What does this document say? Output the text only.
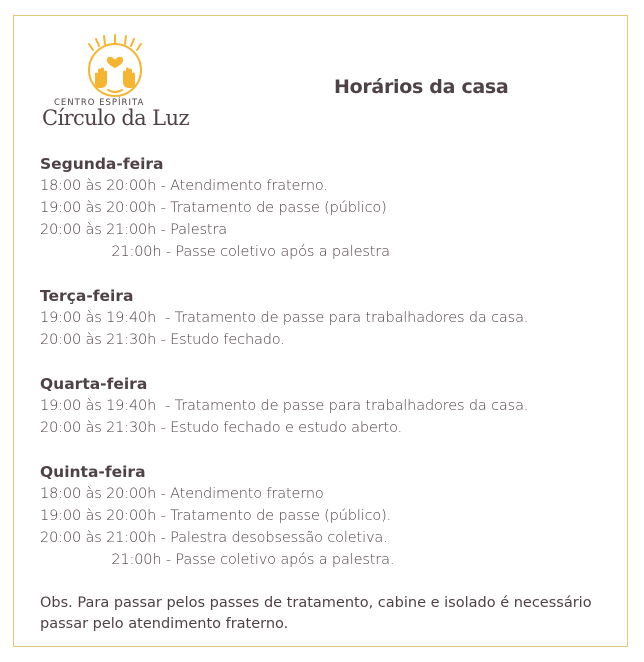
CENTRO ESPÍRITA
Círculo da Luz
Horários da casa
Segunda-feira
18:00 às 20:00h - Atendimento fraterno.
19:00 às 20:00h - Tratamento de passe (público)
20:00 às 21:00h - Palestra
21:00h - Passe coletivo após a palestra
Terça-feira
19:00 às 19:40h  - Tratamento de passe para trabalhadores da casa.
20:00 às 21:30h - Estudo fechado.
Quarta-feira
19:00 às 19:40h  - Tratamento de passe para trabalhadores da casa.
20:00 às 21:30h - Estudo fechado e estudo aberto.
Quinta-feira
18:00 às 20:00h - Atendimento fraterno
19:00 às 20:00h - Tratamento de passe (público).
20:00 às 21:00h - Palestra desobsessão coletiva.
21:00h - Passe coletivo após a palestra.
Obs. Para passar pelos passes de tratamento, cabine e isolado é necessário passar pelo atendimento fraterno.
